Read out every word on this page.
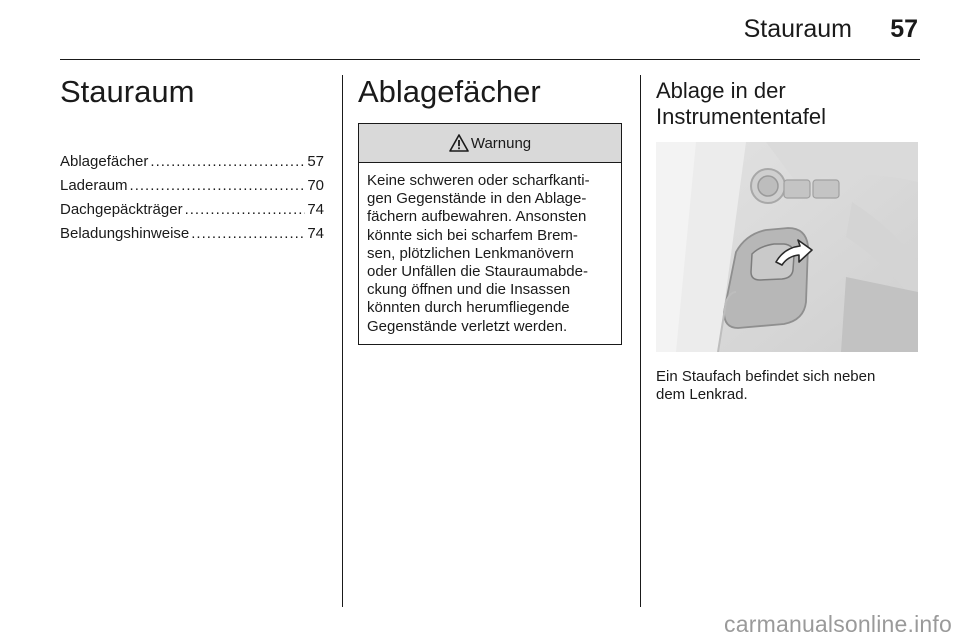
Stauraum 57
Stauraum
Ablagefächer .....	57
Laderaum .....	70
Dachgepäckträger .....	74
Beladungshinweise .....	74
Ablagefächer
Warnung
Keine schweren oder scharfkanti-
gen Gegenstände in den Ablage-
fächern aufbewahren. Ansonsten
könnte sich bei scharfem Brem-
sen, plötzlichen Lenkmanövern
oder Unfällen die Stauraumabde-
ckung öffnen und die Insassen
könnten durch herumfliegende
Gegenstände verletzt werden.
Ablage in der
Instrumententafel
Ein Staufach befindet sich neben
dem Lenkrad.
carmanualsonline.info
